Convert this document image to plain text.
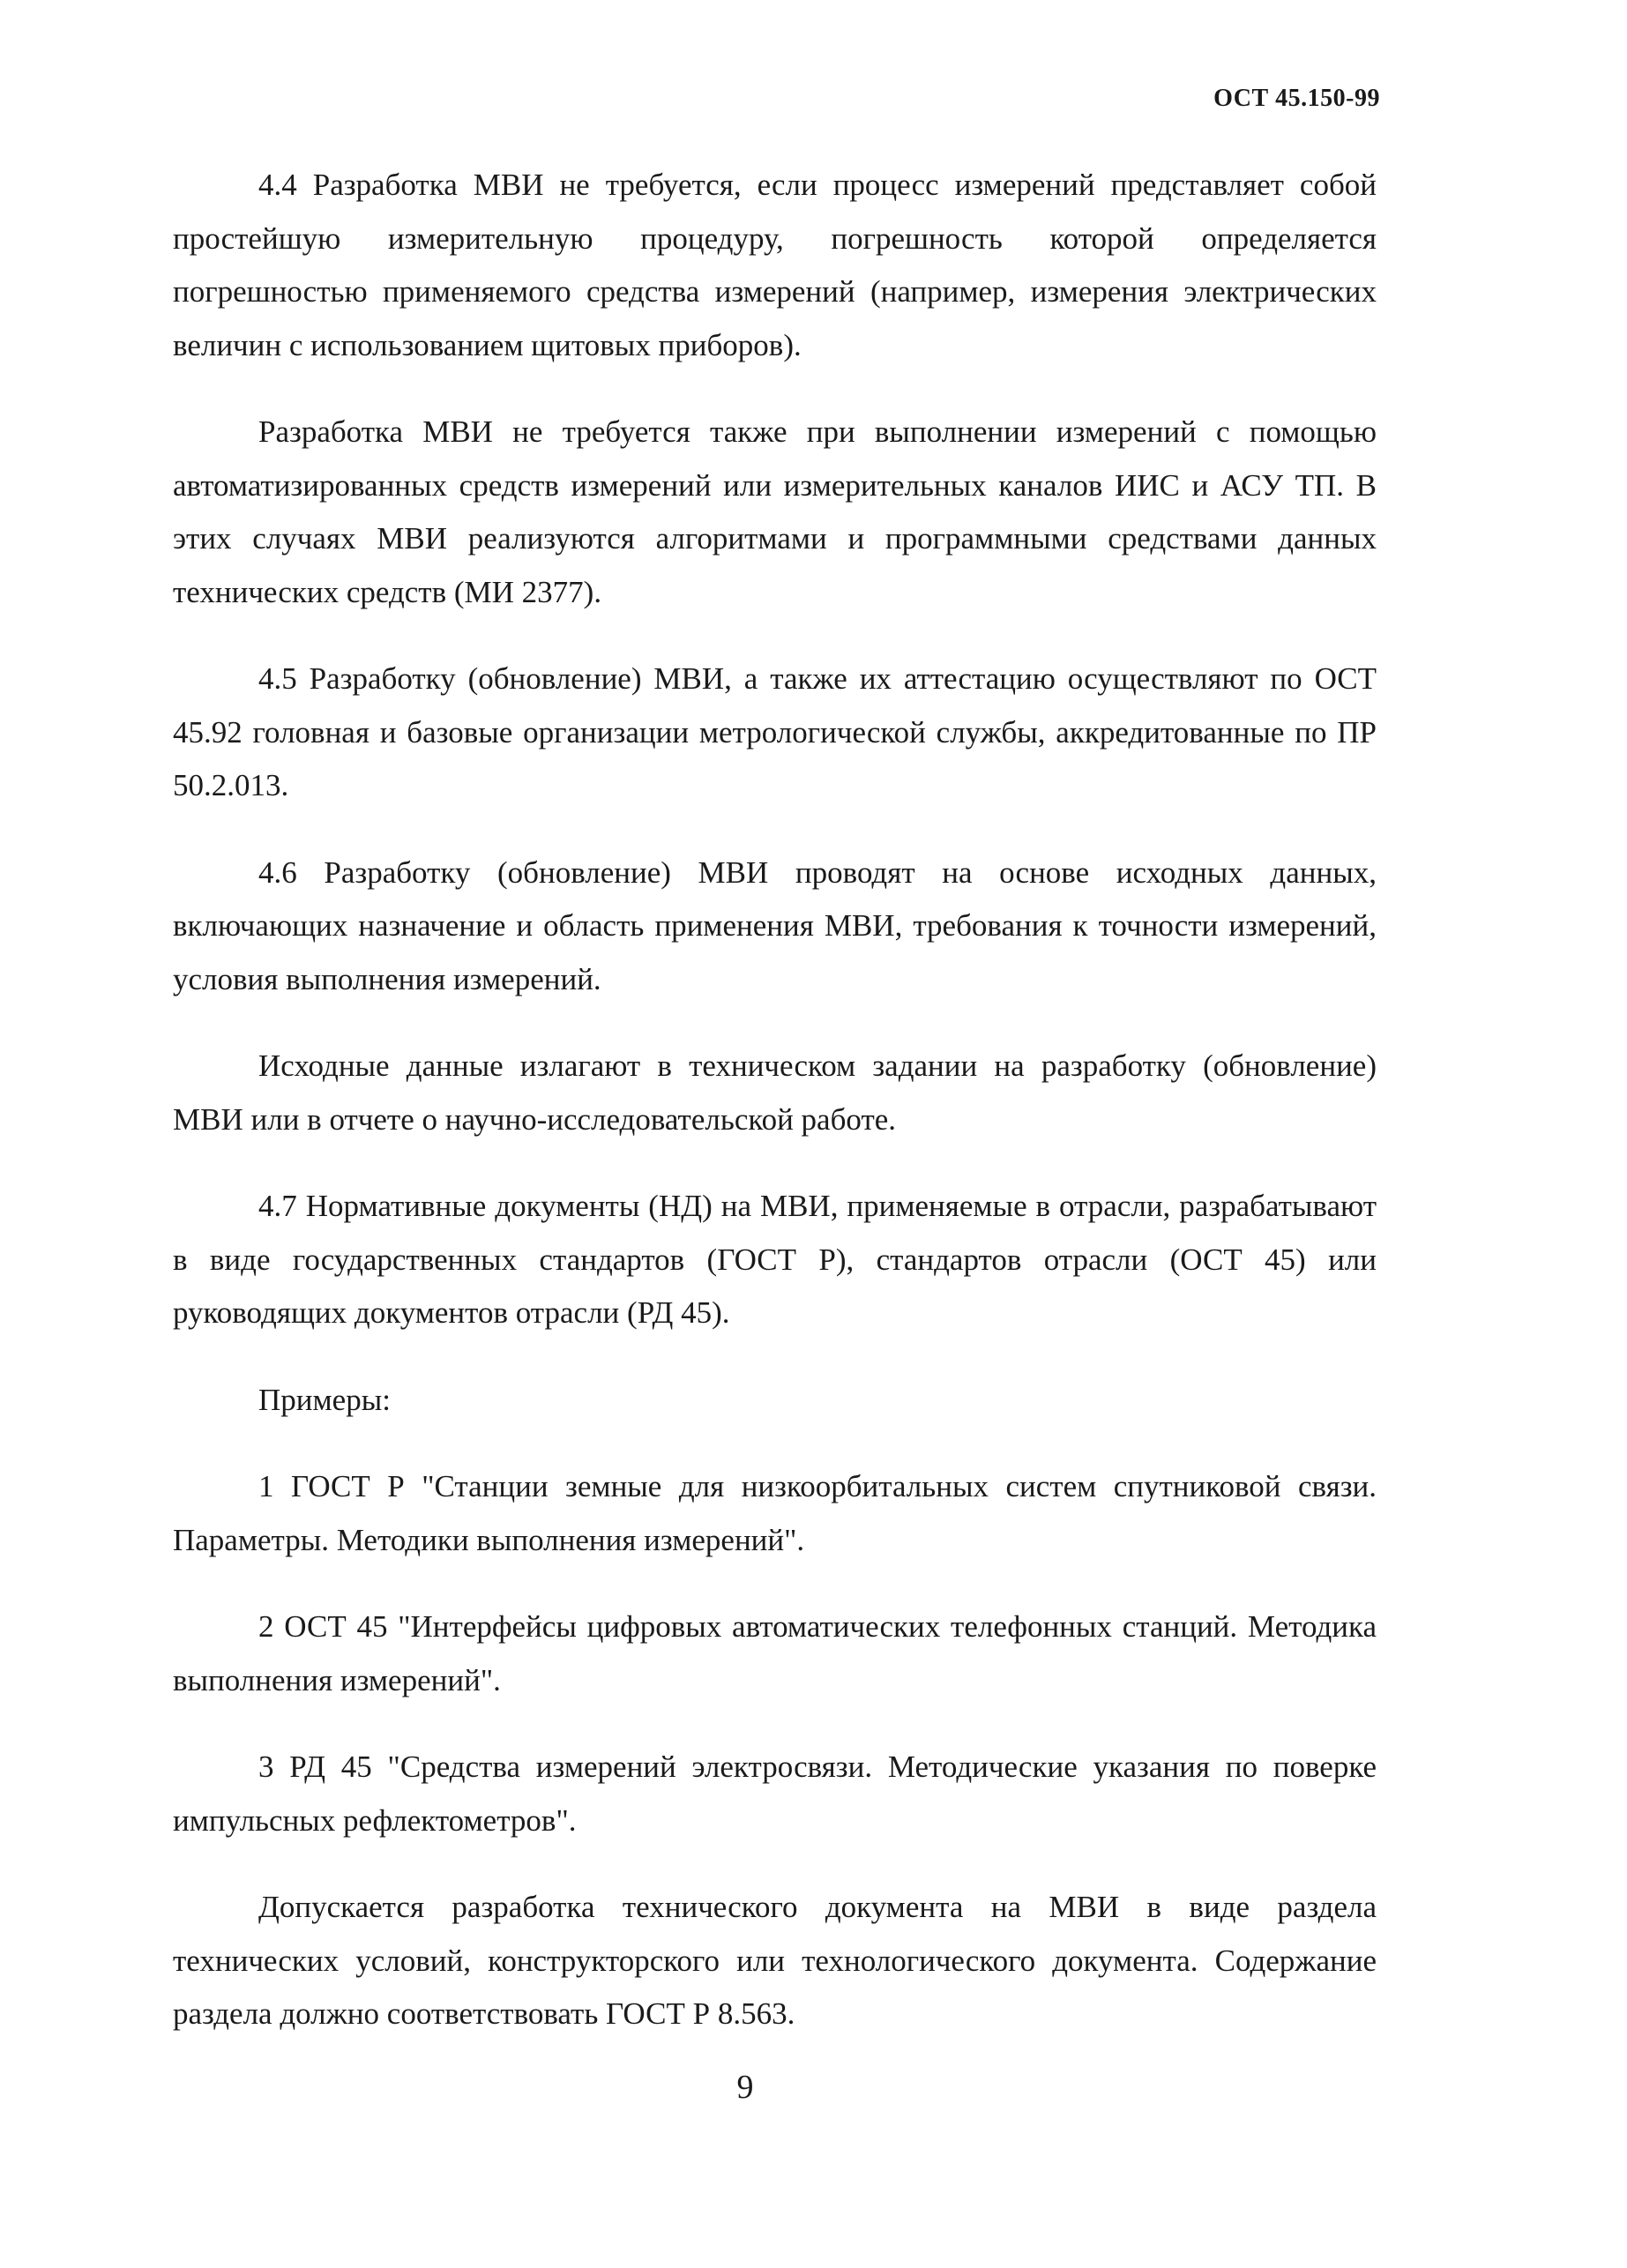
ОСТ 45.150-99

4.4 Разработка МВИ не требуется, если процесс измерений представляет собой простейшую измерительную процедуру, погрешность которой определяется погрешностью применяемого средства измерений (например, измерения электрических величин с использованием щитовых приборов).

Разработка МВИ не требуется также при выполнении измерений с помощью автоматизированных средств измерений или измерительных каналов ИИС и АСУ ТП. В этих случаях МВИ реализуются алгоритмами и программными средствами данных технических средств (МИ 2377).

4.5 Разработку (обновление) МВИ, а также их аттестацию осуществляют по ОСТ 45.92 головная и базовые организации метрологической службы, аккредитованные по ПР 50.2.013.

4.6 Разработку (обновление) МВИ проводят на основе исходных данных, включающих назначение и область применения МВИ, требования к точности измерений, условия выполнения измерений.

Исходные данные излагают в техническом задании на разработку (обновление) МВИ или в отчете о научно-исследовательской работе.

4.7 Нормативные документы (НД) на МВИ, применяемые в отрасли, разрабатывают в виде государственных стандартов (ГОСТ Р), стандартов отрасли (ОСТ 45) или руководящих документов отрасли (РД 45).

Примеры:

1 ГОСТ Р "Станции земные для низкоорбитальных систем спутниковой связи. Параметры. Методики выполнения измерений".

2 ОСТ 45 "Интерфейсы цифровых автоматических телефонных станций. Методика выполнения измерений".

3 РД 45 "Средства измерений электросвязи. Методические указания по поверке импульсных рефлектометров".

Допускается разработка технического документа на МВИ в виде раздела технических условий, конструкторского или технологического документа. Содержание раздела должно соответствовать ГОСТ Р 8.563.

9
